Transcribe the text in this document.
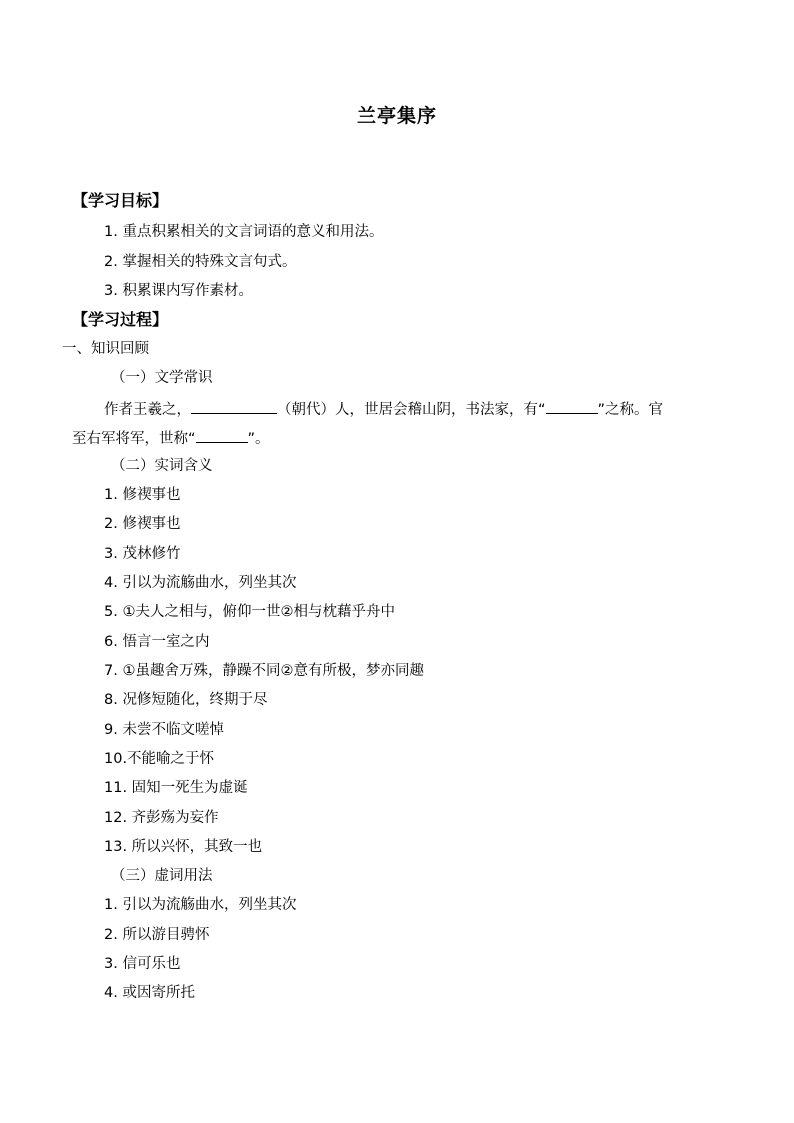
兰亭集序
【学习目标】
1. 重点积累相关的文言词语的意义和用法。
2. 掌握相关的特殊文言句式。
3. 积累课内写作素材。
【学习过程】
一、知识回顾
（一）文学常识
作者王羲之，	（朝代）人，世居会稽山阴，书法家，有“	”之称。官
至右军将军，世称“	”。
（二）实词含义
1. 修禊事也
2. 修禊事也
3. 茂林修竹
4. 引以为流觞曲水，列坐其次
5. ①夫人之相与，俯仰一世②相与枕藉乎舟中
6. 悟言一室之内
7. ①虽趣舍万殊，静躁不同②意有所极，梦亦同趣
8. 况修短随化，终期于尽
9. 未尝不临文嗟悼
10.不能喻之于怀
11. 固知一死生为虚诞
12. 齐彭殇为妄作
13. 所以兴怀，其致一也
（三）虚词用法
1. 引以为流觞曲水，列坐其次
2. 所以游目骋怀
3. 信可乐也
4. 或因寄所托
